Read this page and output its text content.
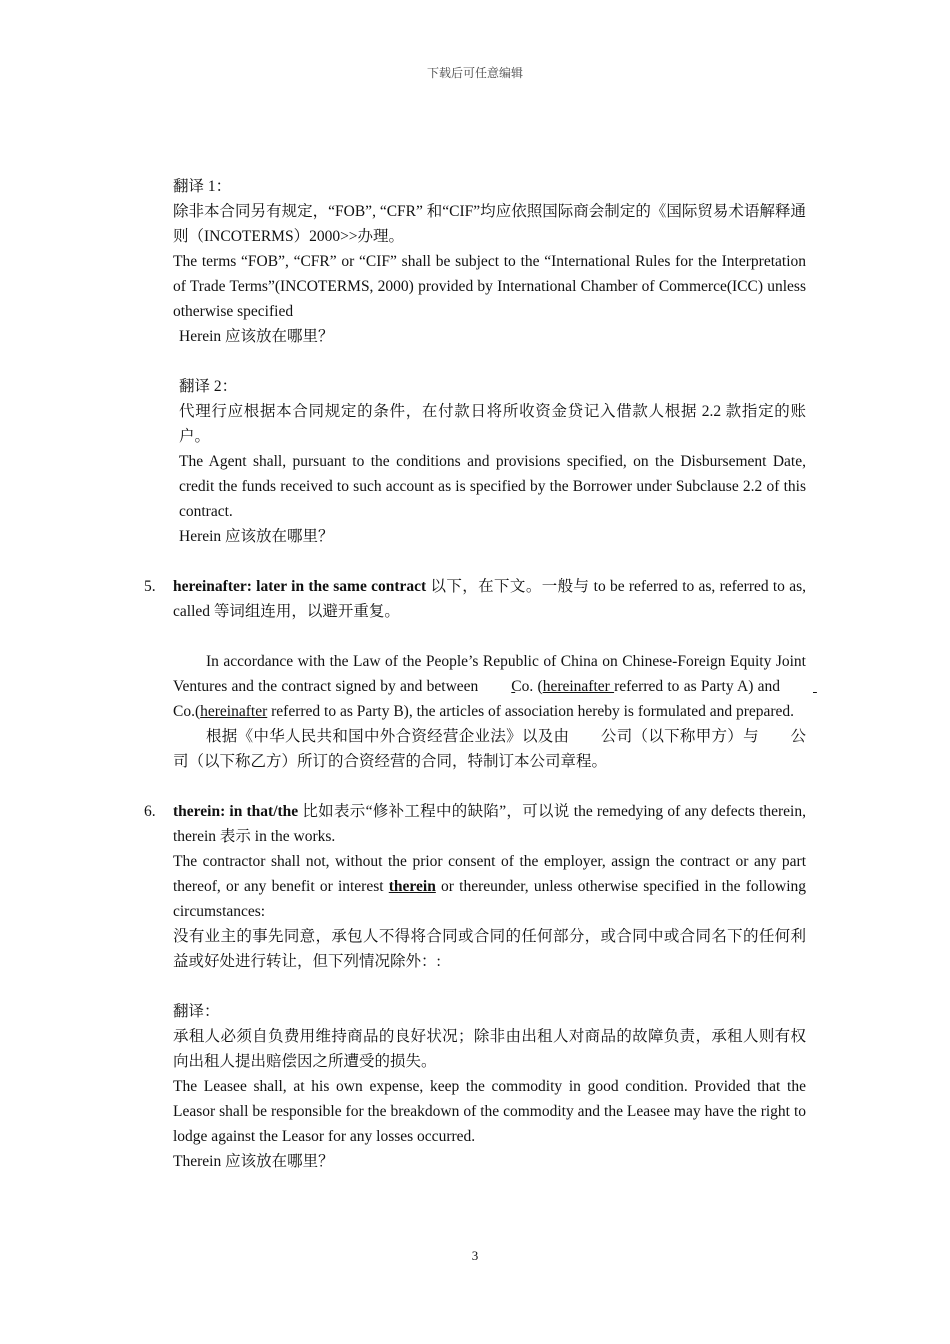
下载后可任意编辑

翻译 1：

除非本合同另有规定，“FOB”, “CFR” 和“CIF”均应依照国际商会制定的《国际贸易术语解释通则（INCOTERMS）2000>>办理。

The terms “FOB”, “CFR” or “CIF” shall be subject to the “International Rules for the Interpretation of Trade Terms”(INCOTERMS, 2000) provided by International Chamber of Commerce(ICC) unless otherwise specified

Herein 应该放在哪里？

翻译 2：

代理行应根据本合同规定的条件，在付款日将所收资金贷记入借款人根据 2.2 款指定的账户。

The Agent shall, pursuant to the conditions and provisions specified, on the Disbursement Date, credit the funds received to such account as is specified by the Borrower under Subclause 2.2 of this contract.

Herein 应该放在哪里？

5. hereinafter: later in the same contract 以下，在下文。一般与 to be referred to as, referred to as, called 等词组连用，以避开重复。

In accordance with the Law of the People’s Republic of China on Chinese-Foreign Equity Joint Ventures and the contract signed by and between Co. (hereinafter referred to as Party A) and Co.(hereinafter referred to as Party B), the articles of association hereby is formulated and prepared.

根据《中华人民共和国中外合资经营企业法》以及由　　公司（以下称甲方）与　　公司（以下称乙方）所订的合资经营的合同，特制订本公司章程。

6. therein: in that/the 比如表示“修补工程中的缺陷”，可以说 the remedying of any defects therein, therein 表示 in the works.

The contractor shall not, without the prior consent of the employer, assign the contract or any part thereof, or any benefit or interest therein or thereunder, unless otherwise specified in the following circumstances:

没有业主的事先同意，承包人不得将合同或合同的任何部分，或合同中或合同名下的任何利益或好处进行转让，但下列情况除外：:

翻译：

承租人必须自负费用维持商品的良好状况；除非由出租人对商品的故障负责，承租人则有权向出租人提出赔偿因之所遭受的损失。

The Leasee shall, at his own expense, keep the commodity in good condition. Provided that the Leasor shall be responsible for the breakdown of the commodity and the Leasee may have the right to lodge against the Leasor for any losses occurred.

Therein 应该放在哪里？

3
